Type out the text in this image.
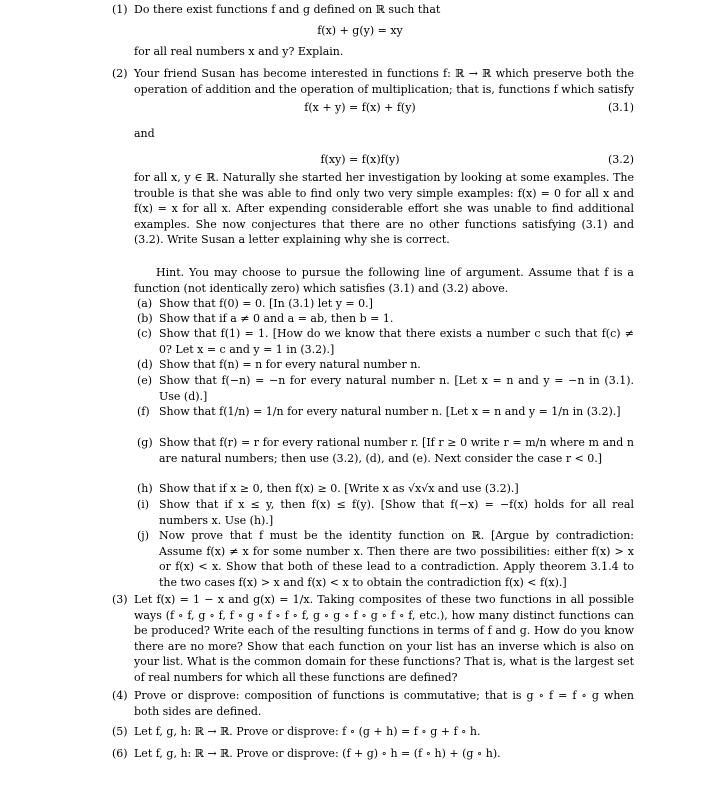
(1) Do there exist functions f and g defined on ℝ such that
f(x) + g(y) = xy
for all real numbers x and y? Explain.
(2) Your friend Susan has become interested in functions f: ℝ → ℝ which preserve both the operation of addition and the operation of multiplication; that is, functions f which satisfy
f(x + y) = f(x) + f(y)	(3.1)
and
f(xy) = f(x)f(y)	(3.2)
for all x, y ∈ ℝ. Naturally she started her investigation by looking at some examples. The trouble is that she was able to find only two very simple examples: f(x) = 0 for all x and f(x) = x for all x. After expending considerable effort she was unable to find additional examples. She now conjectures that there are no other functions satisfying (3.1) and (3.2). Write Susan a letter explaining why she is correct.
Hint. You may choose to pursue the following line of argument. Assume that f is a function (not identically zero) which satisfies (3.1) and (3.2) above.
(a) Show that f(0) = 0. [In (3.1) let y = 0.]
(b) Show that if a ≠ 0 and a = ab, then b = 1.
(c) Show that f(1) = 1. [How do we know that there exists a number c such that f(c) ≠ 0? Let x = c and y = 1 in (3.2).]
(d) Show that f(n) = n for every natural number n.
(e) Show that f(−n) = −n for every natural number n. [Let x = n and y = −n in (3.1). Use (d).]
(f) Show that f(1/n) = 1/n for every natural number n. [Let x = n and y = 1/n in (3.2).]
(g) Show that f(r) = r for every rational number r. [If r ≥ 0 write r = m/n where m and n are natural numbers; then use (3.2), (d), and (e). Next consider the case r < 0.]
(h) Show that if x ≥ 0, then f(x) ≥ 0. [Write x as √x√x and use (3.2).]
(i) Show that if x ≤ y, then f(x) ≤ f(y). [Show that f(−x) = −f(x) holds for all real numbers x. Use (h).]
(j) Now prove that f must be the identity function on ℝ. [Argue by contradiction: Assume f(x) ≠ x for some number x. Then there are two possibilities: either f(x) > x or f(x) < x. Show that both of these lead to a contradiction. Apply theorem 3.1.4 to the two cases f(x) > x and f(x) < x to obtain the contradiction f(x) < f(x).]
(3) Let f(x) = 1 − x and g(x) = 1/x. Taking composites of these two functions in all possible ways (f ∘ f, g ∘ f, f ∘ g ∘ f ∘ f ∘ f, g ∘ g ∘ f ∘ g ∘ f ∘ f, etc.), how many distinct functions can be produced? Write each of the resulting functions in terms of f and g. How do you know there are no more? Show that each function on your list has an inverse which is also on your list. What is the common domain for these functions? That is, what is the largest set of real numbers for which all these functions are defined?
(4) Prove or disprove: composition of functions is commutative; that is g ∘ f = f ∘ g when both sides are defined.
(5) Let f, g, h: ℝ → ℝ. Prove or disprove: f ∘ (g + h) = f ∘ g + f ∘ h.
(6) Let f, g, h: ℝ → ℝ. Prove or disprove: (f + g) ∘ h = (f ∘ h) + (g ∘ h).
